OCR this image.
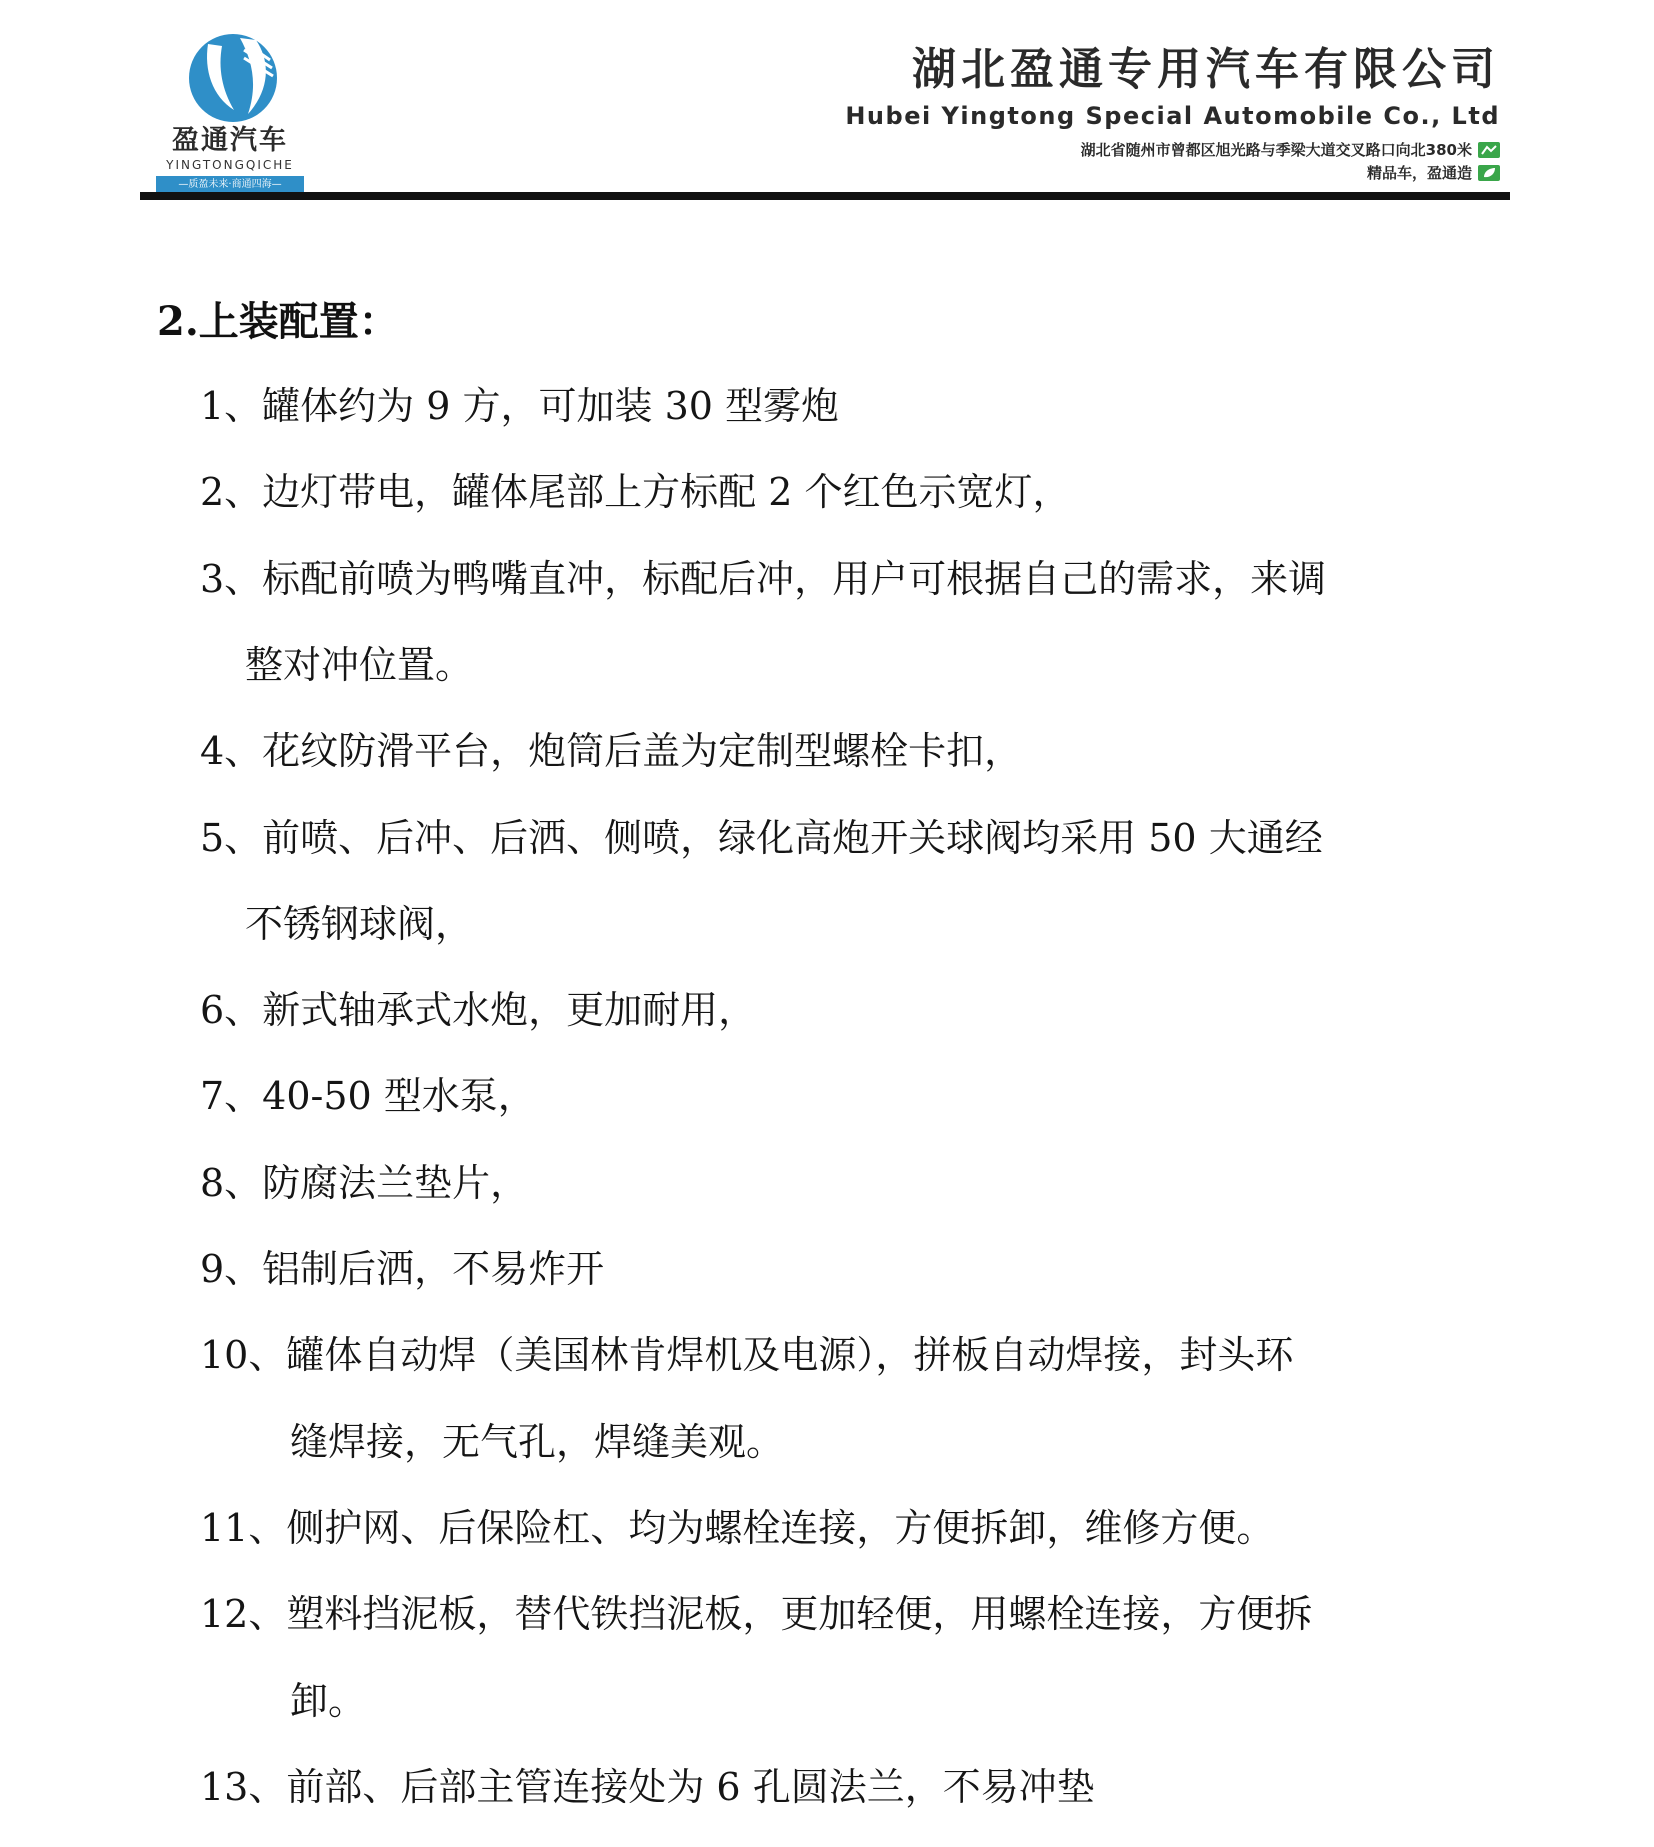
盈通汽车
YINGTONGQICHE
—质盈未来·商通四海—
湖北盈通专用汽车有限公司
Hubei Yingtong Special Automobile Co., Ltd
湖北省随州市曾都区旭光路与季梁大道交叉路口向北380米
精品车，盈通造
2.上装配置：
1、罐体约为 9 方，可加装 30 型雾炮
2、边灯带电，罐体尾部上方标配 2 个红色示宽灯，
3、标配前喷为鸭嘴直冲，标配后冲，用户可根据自己的需求，来调
整对冲位置。
4、花纹防滑平台，炮筒后盖为定制型螺栓卡扣，
5、前喷、后冲、后洒、侧喷，绿化高炮开关球阀均采用 50 大通经
不锈钢球阀，
6、新式轴承式水炮，更加耐用，
7、40-50 型水泵，
8、防腐法兰垫片，
9、铝制后洒，不易炸开
10、罐体自动焊（美国林肯焊机及电源），拼板自动焊接，封头环
缝焊接，无气孔，焊缝美观。
11、侧护网、后保险杠、均为螺栓连接，方便拆卸，维修方便。
12、塑料挡泥板，替代铁挡泥板，更加轻便，用螺栓连接，方便拆
卸。
13、前部、后部主管连接处为 6 孔圆法兰，不易冲垫
